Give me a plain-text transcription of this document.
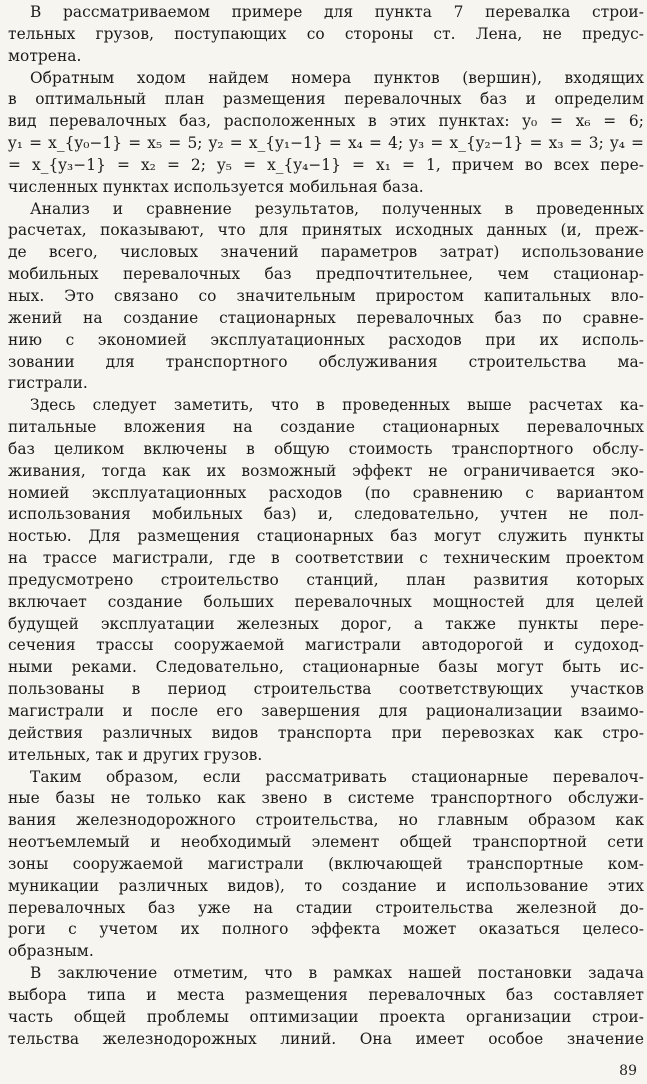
В рассматриваемом примере для пункта 7 перевалка строи-
тельных грузов, поступающих со стороны ст. Лена, не предус-
мотрена.
Обратным ходом найдем номера пунктов (вершин), входящих
в оптимальный план размещения перевалочных баз и определим
вид перевалочных баз, расположенных в этих пунктах: y₀ = x₆ = 6;
y₁ = x_{y₀−1} = x₅ = 5; y₂ = x_{y₁−1} = x₄ = 4; y₃ = x_{y₂−1} = x₃ = 3; y₄ =
= x_{y₃−1} = x₂ = 2; y₅ = x_{y₄−1} = x₁ = 1, причем во всех пере-
численных пунктах используется мобильная база.
Анализ и сравнение результатов, полученных в проведенных
расчетах, показывают, что для принятых исходных данных (и, преж-
де всего, числовых значений параметров затрат) использование
мобильных перевалочных баз предпочтительнее, чем стационар-
ных. Это связано со значительным приростом капитальных вло-
жений на создание стационарных перевалочных баз по сравне-
нию с экономией эксплуатационных расходов при их исполь-
зовании для транспортного обслуживания строительства ма-
гистрали.
Здесь следует заметить, что в проведенных выше расчетах ка-
питальные вложения на создание стационарных перевалочных
баз целиком включены в общую стоимость транспортного обслу-
живания, тогда как их возможный эффект не ограничивается эко-
номией эксплуатационных расходов (по сравнению с вариантом
использования мобильных баз) и, следовательно, учтен не пол-
ностью. Для размещения стационарных баз могут служить пункты
на трассе магистрали, где в соответствии с техническим проектом
предусмотрено строительство станций, план развития которых
включает создание больших перевалочных мощностей для целей
будущей эксплуатации железных дорог, а также пункты пере-
сечения трассы сооружаемой магистрали автодорогой и судоход-
ными реками. Следовательно, стационарные базы могут быть ис-
пользованы в период строительства соответствующих участков
магистрали и после его завершения для рационализации взаимо-
действия различных видов транспорта при перевозках как стро-
ительных, так и других грузов.
Таким образом, если рассматривать стационарные перевалоч-
ные базы не только как звено в системе транспортного обслужи-
вания железнодорожного строительства, но главным образом как
неотъемлемый и необходимый элемент общей транспортной сети
зоны сооружаемой магистрали (включающей транспортные ком-
муникации различных видов), то создание и использование этих
перевалочных баз уже на стадии строительства железной до-
роги с учетом их полного эффекта может оказаться целесо-
образным.
В заключение отметим, что в рамках нашей постановки задача
выбора типа и места размещения перевалочных баз составляет
часть общей проблемы оптимизации проекта организации строи-
тельства железнодорожных линий. Она имеет особое значение
89
